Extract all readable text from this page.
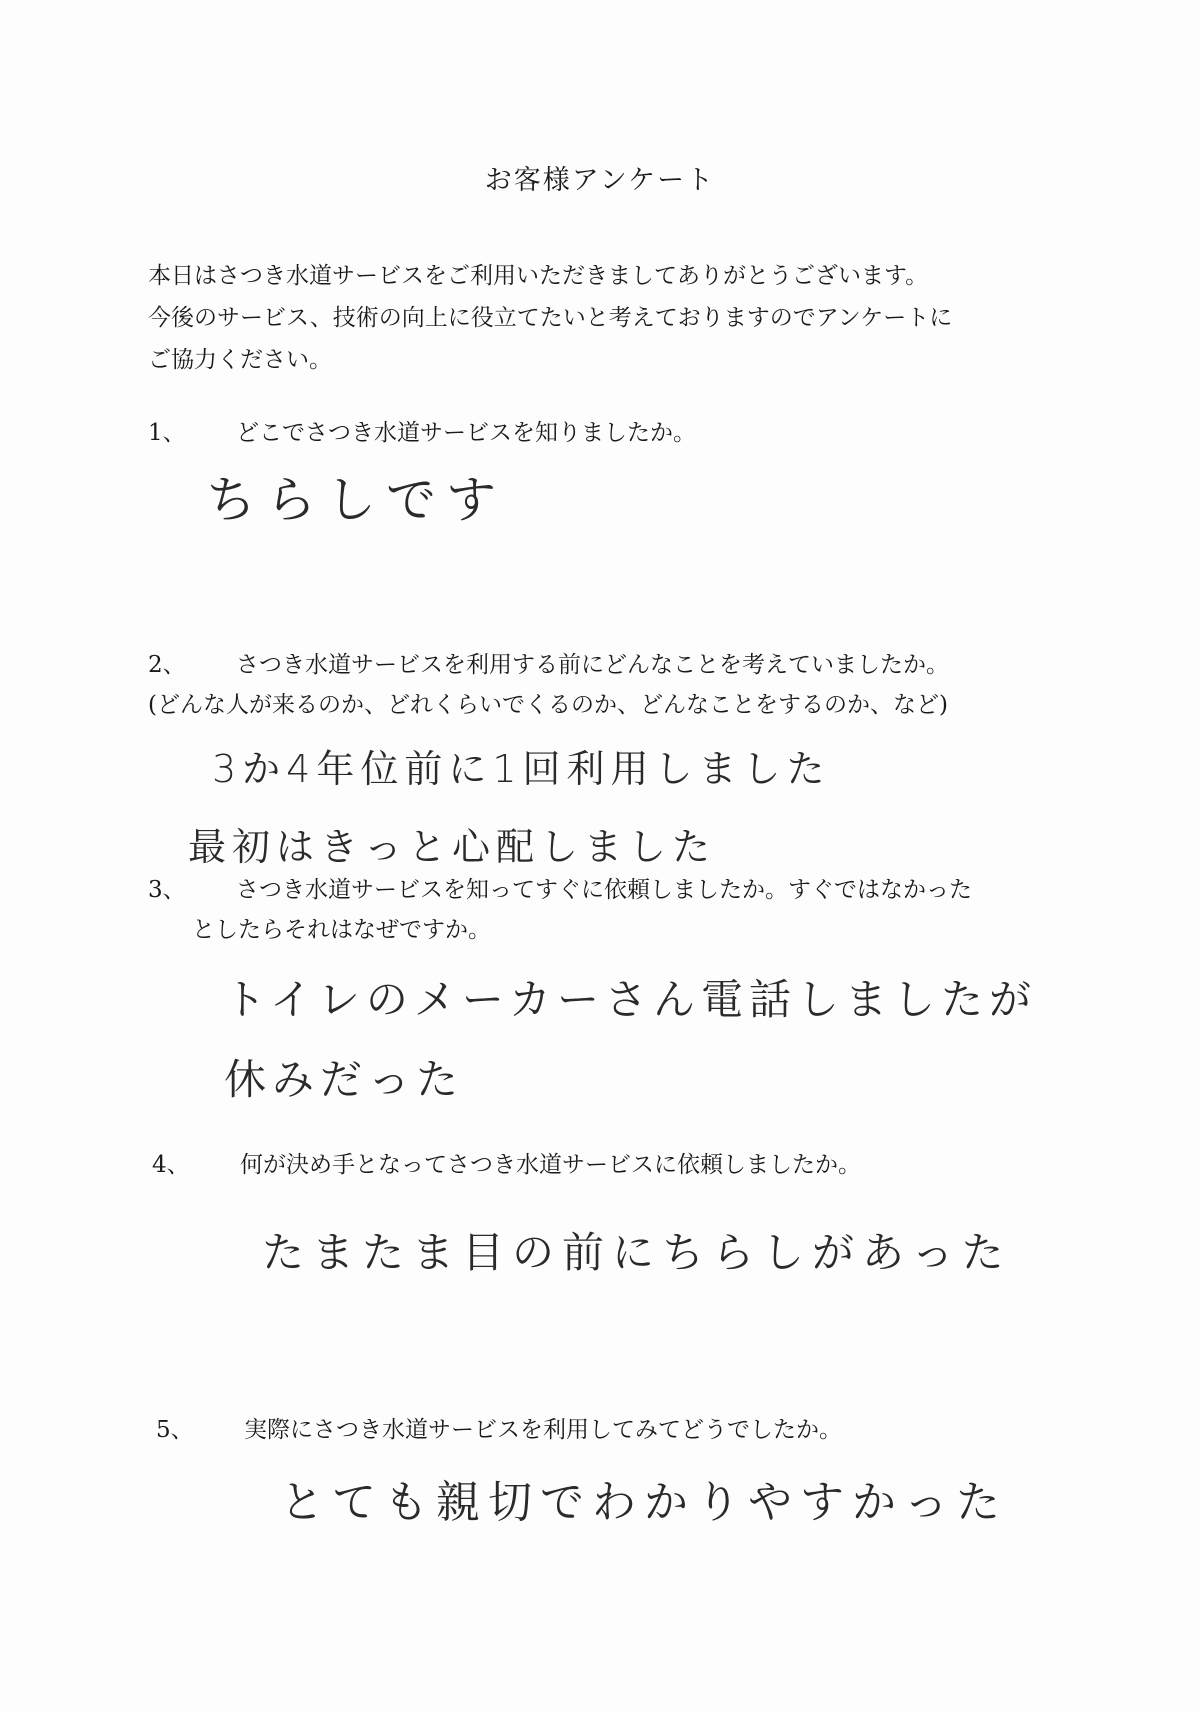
お客様アンケート

本日はさつき水道サービスをご利用いただきましてありがとうございます。

今後のサービス、技術の向上に役立てたいと考えておりますのでアンケートに

ご協力ください。

1、 どこでさつき水道サービスを知りましたか。
ちらしです
2、 さつき水道サービスを利用する前にどんなことを考えていましたか。
(どんな人が来るのか、どれくらいでくるのか、どんなことをするのか、など)
3か4年位前に1回利用しました
最初はきっと心配しました
3、 さつき水道サービスを知ってすぐに依頼しましたか。すぐではなかった
としたらそれはなぜですか。
トイレのメーカーさん電話しましたが
休みだった
4、 何が決め手となってさつき水道サービスに依頼しましたか。
たまたま目の前にちらしがあった
5、 実際にさつき水道サービスを利用してみてどうでしたか。
とても親切でわかりやすかった
